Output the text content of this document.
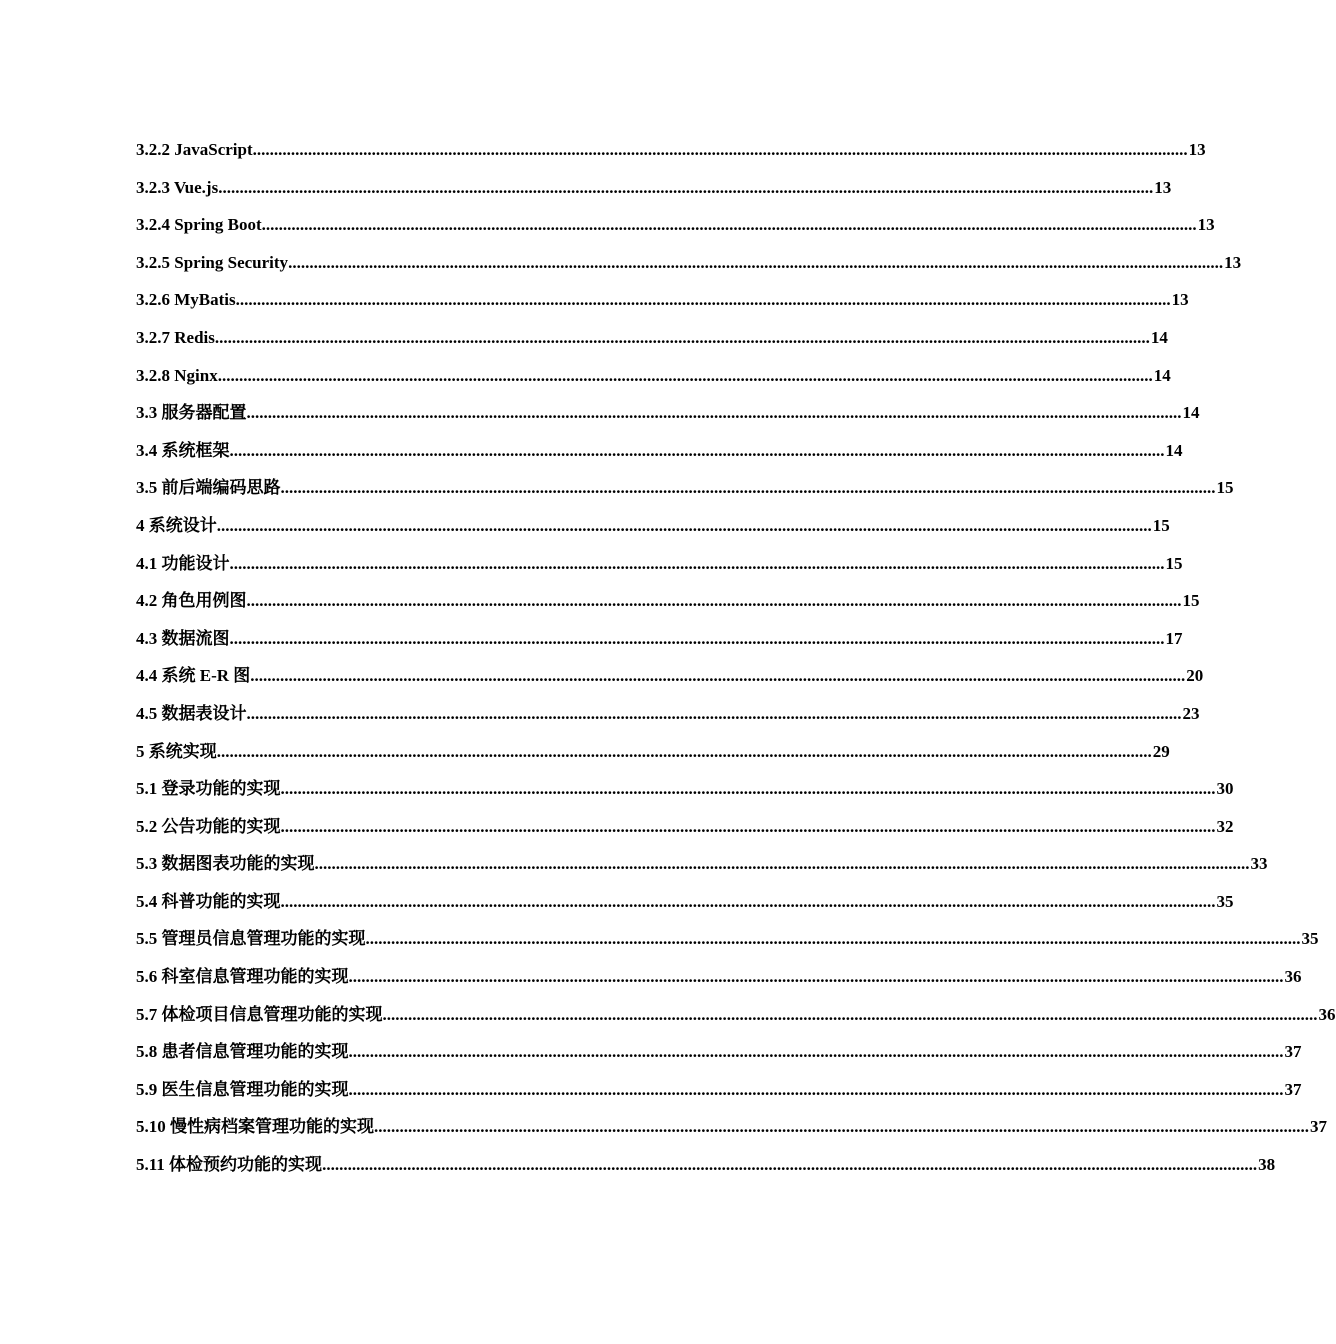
3.2.2 JavaScript ............................................................................................................................................................................................................................ 13
3.2.3 Vue.js ............................................................................................................................................................................................................................ 13
3.2.4 Spring Boot ............................................................................................................................................................................................................................ 13
3.2.5 Spring Security ............................................................................................................................................................................................................................ 13
3.2.6 MyBatis ............................................................................................................................................................................................................................ 13
3.2.7 Redis ............................................................................................................................................................................................................................ 14
3.2.8 Nginx ............................................................................................................................................................................................................................ 14
3.3 服务器配置 ............................................................................................................................................................................................................................ 14
3.4 系统框架 ............................................................................................................................................................................................................................ 14
3.5 前后端编码思路 ............................................................................................................................................................................................................................ 15
4 系统设计 ............................................................................................................................................................................................................................ 15
4.1 功能设计 ............................................................................................................................................................................................................................ 15
4.2 角色用例图 ............................................................................................................................................................................................................................ 15
4.3 数据流图 ............................................................................................................................................................................................................................ 17
4.4 系统 E-R 图 ............................................................................................................................................................................................................................ 20
4.5 数据表设计 ............................................................................................................................................................................................................................ 23
5 系统实现 ............................................................................................................................................................................................................................ 29
5.1 登录功能的实现 ............................................................................................................................................................................................................................ 30
5.2 公告功能的实现 ............................................................................................................................................................................................................................ 32
5.3 数据图表功能的实现 ............................................................................................................................................................................................................................ 33
5.4 科普功能的实现 ............................................................................................................................................................................................................................ 35
5.5 管理员信息管理功能的实现 ............................................................................................................................................................................................................................ 35
5.6 科室信息管理功能的实现 ............................................................................................................................................................................................................................ 36
5.7 体检项目信息管理功能的实现 ............................................................................................................................................................................................................................ 36
5.8 患者信息管理功能的实现 ............................................................................................................................................................................................................................ 37
5.9 医生信息管理功能的实现 ............................................................................................................................................................................................................................ 37
5.10 慢性病档案管理功能的实现 ............................................................................................................................................................................................................................ 37
5.11 体检预约功能的实现 ............................................................................................................................................................................................................................ 38
